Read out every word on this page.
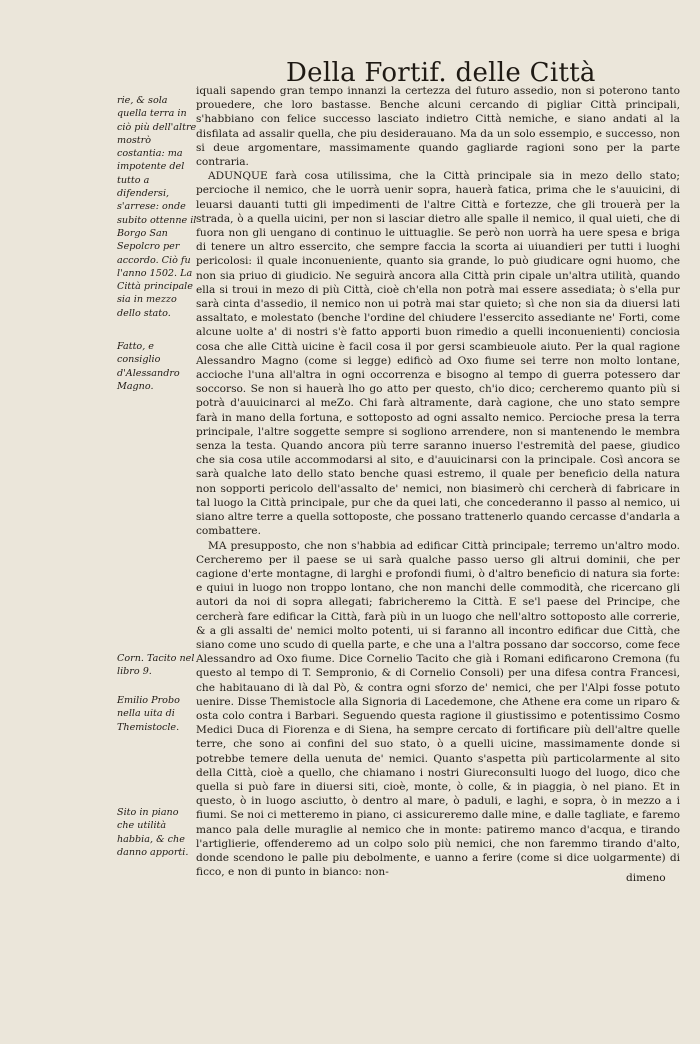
Della Fortif. delle Città
rie, & sola quella terra in ciò più dell'altre mostrò costantia: ma impotente del tutto a difendersi, s'arrese: onde subito ottenne il Borgo San Sepolcro per accordo. Ciò fu l'anno 1502. La Città principale sia in mezzo dello stato.
Fatto, e consiglio d'Alessandro Magno.
Corn. Tacito nel libro 9.
Emilio Probo nella uita di Themistocle.
Sito in piano che utilità habbia, & che danno apporti.

iquali sapendo gran tempo innanzi la certezza del futuro assedio, non si poterono tanto prouedere, che loro bastasse. Benche alcuni cercando di pigliar Città principali, s'habbiano con felice successo lasciato indietro Città nemiche, e siano andati al la disfilata ad assalir quella, che piu desiderauano. Ma da un solo essempio, e successo, non si deue argomentare, massimamente quando gagliarde ragioni sono per la parte contraria.

ADUNQUE farà cosa utilissima, che la Città principale sia in mezo dello stato; percioche il nemico, che le uorrà uenir sopra, hauerà fatica, prima che le s'auuicini, di leuarsi dauanti tutti gli impedimenti de l'altre Città e fortezze, che gli trouerà per la strada, ò a quella uicini, per non si lasciar dietro alle spalle il nemico, il qual uieti, che di fuora non gli uengano di continuo le uittuaglie. Se però non uorrà ha uere spesa e briga di tenere un altro essercito, che sempre faccia la scorta ai uiuandieri per tutti i luoghi pericolosi: il quale inconueniente, quanto sia grande, lo può giudicare ogni huomo, che non sia priuo di giudicio. Ne seguirà ancora alla Città prin cipale un'altra utilità, quando ella si troui in mezo di più Città, cioè ch'ella non potrà mai essere assediata; ò s'ella pur sarà cinta d'assedio, il nemico non ui potrà mai star quieto; sì che non sia da diuersi lati assaltato, e molestato (benche l'ordine del chiudere l'essercito assediante ne' Forti, come alcune uolte a' di nostri s'è fatto apporti buon rimedio a quelli inconuenienti) conciosia cosa che alle Città uicine è facil cosa il por gersi scambieuole aiuto. Per la qual ragione Alessandro Magno (come si legge) edificò ad Oxo fiume sei terre non molto lontane, accioche l'una all'altra in ogni occorrenza e bisogno al tempo di guerra potessero dar soccorso. Se non si hauerà lho go atto per questo, ch'io dico; cercheremo quanto più si potrà d'auuicinarci al meZo. Chi farà altramente, darà cagione, che uno stato sempre farà in mano della fortuna, e sottoposto ad ogni assalto nemico. Percioche presa la terra principale, l'altre soggette sempre si sogliono arrendere, non si mantenendo le membra senza la testa. Quando ancora più terre saranno inuerso l'estremità del paese, giudico che sia cosa utile accommodarsi al sito, e d'auuicinarsi con la principale. Così ancora se sarà qualche lato dello stato benche quasi estremo, il quale per beneficio della natura non sopporti pericolo dell'assalto de' nemici, non biasimerò chi cercherà di fabricare in tal luogo la Città principale, pur che da quei lati, che concederanno il passo al nemico, ui siano altre terre a quella sottoposte, che possano trattenerlo quando cercasse d'andarla a combattere.

MA presupposto, che non s'habbia ad edificar Città principale; terremo un'altro modo. Cercheremo per il paese se ui sarà qualche passo uerso gli altrui dominii, che per cagione d'erte montagne, di larghi e profondi fiumi, ò d'altro beneficio di natura sia forte: e quiui in luogo non troppo lontano, che non manchi delle commodità, che ricercano gli autori da noi di sopra allegati; fabricheremo la Città. E se'l paese del Principe, che cercherà fare edificar la Città, farà più in un luogo che nell'altro sottoposto alle correrie, & a gli assalti de' nemici molto potenti, ui si faranno all incontro edificar due Città, che siano come uno scudo di quella parte, e che una a l'altra possano dar soccorso, come fece Alessandro ad Oxo fiume. Dice Cornelio Tacito che già i Romani edificarono Cremona (fu questo al tempo di T. Sempronio, & di Cornelio Consoli) per una difesa contra Francesi, che habitauano di là dal Pò, & contra ogni sforzo de' nemici, che per l'Alpi fosse potuto uenire. Disse Themistocle alla Signoria di Lacedemone, che Athene era come un riparo & osta colo contra i Barbari. Seguendo questa ragione il giustissimo e potentissimo Cosmo Medici Duca di Fiorenza e di Siena, ha sempre cercato di fortificare più dell'altre quelle terre, che sono ai confini del suo stato, ò a quelli uicine, massimamente donde si potrebbe temere della uenuta de' nemici. Quanto s'aspetta più particolarmente al sito della Città, cioè a quello, che chiamano i nostri Giureconsulti luogo del luogo, dico che quella si può fare in diuersi siti, cioè, monte, ò colle, & in piaggia, ò nel piano. Et in questo, ò in luogo asciutto, ò dentro al mare, ò paduli, e laghi, e sopra, ò in mezzo a i fiumi. Se noi ci metteremo in piano, ci assicureremo dalle mine, e dalle tagliate, e faremo manco pala delle muraglie al nemico che in monte: patiremo manco d'acqua, e tirando l'artiglierie, offenderemo ad un colpo solo più nemici, che non faremmo tirando d'alto, donde scendono le palle piu debolmente, e uanno a ferire (come si dice uolgarmente) di ficco, e non di punto in bianco: non-	dimeno
